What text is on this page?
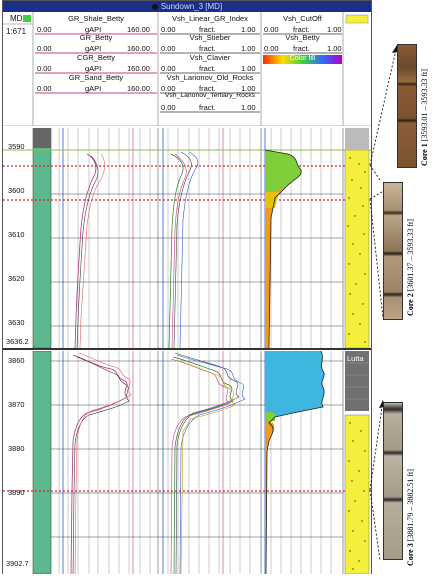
Sundown_3 [MD]
MD
1:671
GR_Shale_Betty
0.00	gAPI	160.00
GR_Betty
0.00	gAPI	160.00
CGR_Betty
0.00	gAPI	160.00
GR_Sand_Betty
0.00	gAPI	160.00
Vsh_Linear_GR_Index
0.00	fract.	1.00
Vsh_Stieber
0.00	fract.	1.00
Vsh_Clavier
0.00	fract.	1.00
Vsh_Larionov_Old_Rocks
0.00	fract.	1.00
Vsh_Larionov_Tertiary_Rocks
0.00	fract.	1.00
Vsh_CutOff
0.00 fract. 1.00
Vsh_Betty
0.00 fract. 1.00
Color fill
3590
3600
3610
3620
3630
3636.2
Lutta
3860
3870
3880
3890
3902.7
Core 1 [3593.01 – 3593.33 ft]
Core 2 [3601.37 – 3593.33 ft]
Core 3 [3881.79 – 3882.51 ft]
